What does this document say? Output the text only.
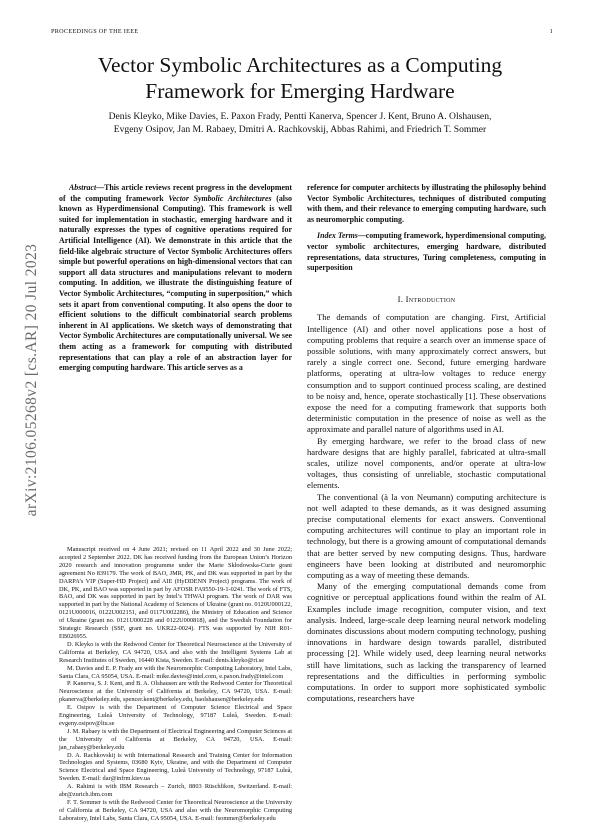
PROCEEDINGS OF THE IEEE	1
arXiv:2106.05268v2 [cs.AR] 20 Jul 2023
Vector Symbolic Architectures as a Computing
Framework for Emerging Hardware
Denis Kleyko, Mike Davies, E. Paxon Frady, Pentti Kanerva, Spencer J. Kent, Bruno A. Olshausen,
Evgeny Osipov, Jan M. Rabaey, Dmitri A. Rachkovskij, Abbas Rahimi, and Friedrich T. Sommer

Abstract—This article reviews recent progress in the development of the computing framework Vector Symbolic Architectures (also known as Hyperdimensional Computing). This framework is well suited for implementation in stochastic, emerging hardware and it naturally expresses the types of cognitive operations required for Artificial Intelligence (AI). We demonstrate in this article that the field-like algebraic structure of Vector Symbolic Architectures offers simple but powerful operations on high-dimensional vectors that can support all data structures and manipulations relevant to modern computing. In addition, we illustrate the distinguishing feature of Vector Symbolic Architectures, “computing in superposition,” which sets it apart from conventional computing. It also opens the door to efficient solutions to the difficult combinatorial search problems inherent in AI applications. We sketch ways of demonstrating that Vector Symbolic Architectures are computationally universal. We see them acting as a framework for computing with distributed representations that can play a role of an abstraction layer for emerging computing hardware. This article serves as a

Manuscript received on 4 June 2021; revised on 11 April 2022 and 30 June 2022; accepted 2 September 2022. DK has received funding from the European Union’s Horizon 2020 research and innovation programme under the Marie Skłodowska-Curie grant agreement No 839179. The work of BAO, JMR, PK, and DK was supported in part by the DARPA’s VIP (Super-HD Project) and AIE (HyDDENN Project) programs. The work of DK, PK, and BAO was supported in part by AFOSR FA9550-19-1-0241. The work of FTS, BAO, and DK was supported in part by Intel’s THWAI program. The work of DAR was supported in part by the National Academy of Sciences of Ukraine (grant no. 0120U000122, 0121U000016, 0122U002151, and 0117U002286), the Ministry of Education and Science of Ukraine (grant no. 0121U000228 and 0122U000818), and the Swedish Foundation for Strategic Research (SSF, grant no. UKR22-0024). FTS was supported by NIH R01-EB026955.

D. Kleyko is with the Redwood Center for Theoretical Neuroscience at the University of California at Berkeley, CA 94720, USA and also with the Intelligent Systems Lab at Research Institutes of Sweden, 16440 Kista, Sweden. E-mail: denis.kleyko@ri.se

M. Davies and E. P. Frady are with the Neuromorphic Computing Laboratory, Intel Labs, Santa Clara, CA 95054, USA. E-mail: mike.davies@intel.com, e.paxon.frady@intel.com

P. Kanerva, S. J. Kent, and B. A. Olshausen are with the Redwood Center for Theoretical Neuroscience at the University of California at Berkeley, CA 94720, USA. E-mail: pkanerva@berkeley.edu, spencer.kent@berkeley.edu, baolshausen@berkeley.edu

E. Osipov is with the Department of Computer Science Electrical and Space Engineering, Luleå University of Technology, 97187 Luleå, Sweden. E-mail: evgeny.osipov@ltu.se

J. M. Rabaey is with the Department of Electrical Engineering and Computer Sciences at the University of California at Berkeley, CA 94720, USA. E-mail: jan_rabaey@berkeley.edu

D. A. Rachkovskij is with International Research and Training Center for Information Technologies and Systems, 03680 Kyiv, Ukraine, and with the Department of Computer Science Electrical and Space Engineering, Luleå University of Technology, 97187 Luleå, Sweden. E-mail: dar@infrm.kiev.ua

A. Rahimi is with IBM Research – Zurich, 8803 Rüschlikon, Switzerland. E-mail: abr@zurich.ibm.com

F. T. Sommer is with the Redwood Center for Theoretical Neuroscience at the University of California at Berkeley, CA 94720, USA and also with the Neuromorphic Computing Laboratory, Intel Labs, Santa Clara, CA 95054, USA. E-mail: fsommer@berkeley.edu

reference for computer architects by illustrating the philosophy behind Vector Symbolic Architectures, techniques of distributed computing with them, and their relevance to emerging computing hardware, such as neuromorphic computing.

Index Terms—computing framework, hyperdimensional computing, vector symbolic architectures, emerging hardware, distributed representations, data structures, Turing completeness, computing in superposition

I. Introduction

The demands of computation are changing. First, Artificial Intelligence (AI) and other novel applications pose a host of computing problems that require a search over an immense space of possible solutions, with many approximately correct answers, but rarely a single correct one. Second, future emerging hardware platforms, operating at ultra-low voltages to reduce energy consumption and to support continued process scaling, are destined to be noisy and, hence, operate stochastically [1]. These observations expose the need for a computing framework that supports both deterministic computation in the presence of noise as well as the approximate and parallel nature of algorithms used in AI.

By emerging hardware, we refer to the broad class of new hardware designs that are highly parallel, fabricated at ultra-small scales, utilize novel components, and/or operate at ultra-low voltages, thus consisting of unreliable, stochastic computational elements.

The conventional (à la von Neumann) computing architecture is not well adapted to these demands, as it was designed assuming precise computational elements for exact answers. Conventional computing architectures will continue to play an important role in technology, but there is a growing amount of computational demands that are better served by new computing designs. Thus, hardware engineers have been looking at distributed and neuromorphic computing as a way of meeting these demands.

Many of the emerging computational demands come from cognitive or perceptual applications found within the realm of AI. Examples include image recognition, computer vision, and text analysis. Indeed, large-scale deep learning neural network modeling dominates discussions about modern computing technology, pushing innovations in hardware design towards parallel, distributed processing [2]. While widely used, deep learning neural networks still have limitations, such as lacking the transparency of learned representations and the difficulties in performing symbolic computations. In order to support more sophisticated symbolic computations, researchers have
